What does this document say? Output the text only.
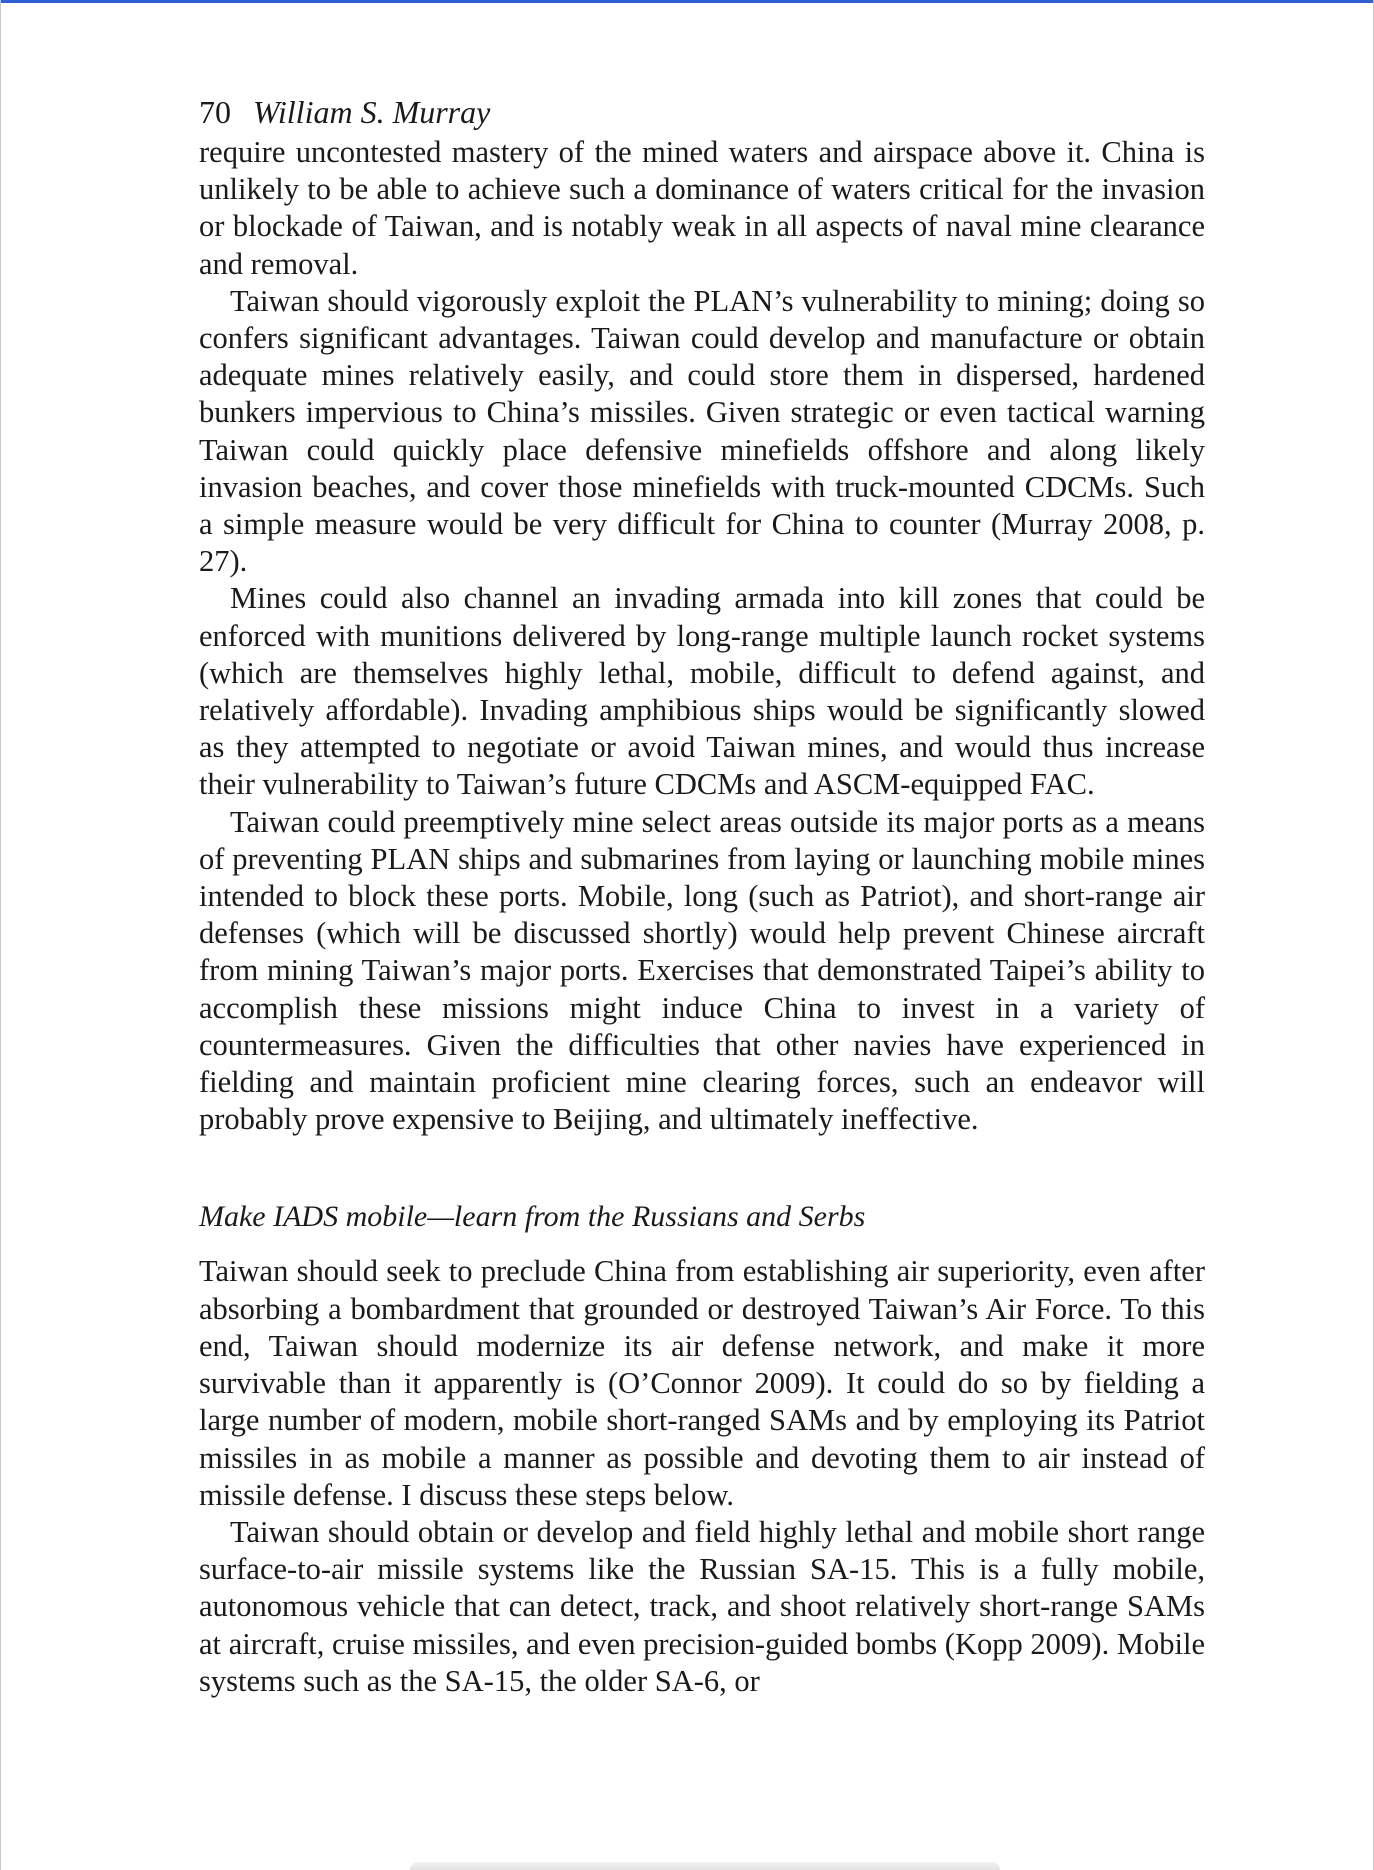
70 William S. Murray

require uncontested mastery of the mined waters and airspace above it. China is unlikely to be able to achieve such a dominance of waters critical for the invasion or blockade of Taiwan, and is notably weak in all aspects of naval mine clearance and removal.

Taiwan should vigorously exploit the PLAN’s vulnerability to mining; doing so confers significant advantages. Taiwan could develop and manufacture or obtain adequate mines relatively easily, and could store them in dispersed, hardened bunkers impervious to China’s missiles. Given strategic or even tactical warning Taiwan could quickly place defensive minefields offshore and along likely invasion beaches, and cover those minefields with truck-mounted CDCMs. Such a simple measure would be very difficult for China to counter (Murray 2008, p. 27).

Mines could also channel an invading armada into kill zones that could be enforced with munitions delivered by long-range multiple launch rocket systems (which are themselves highly lethal, mobile, difficult to defend against, and relatively affordable). Invading amphibious ships would be significantly slowed as they attempted to negotiate or avoid Taiwan mines, and would thus increase their vulnerability to Taiwan’s future CDCMs and ASCM-equipped FAC.

Taiwan could preemptively mine select areas outside its major ports as a means of preventing PLAN ships and submarines from laying or launching mobile mines intended to block these ports. Mobile, long (such as Patriot), and short-range air defenses (which will be discussed shortly) would help prevent Chinese aircraft from mining Taiwan’s major ports. Exercises that demonstrated Taipei’s ability to accomplish these missions might induce China to invest in a variety of countermeasures. Given the difficulties that other navies have experienced in fielding and maintain proficient mine clearing forces, such an endeavor will probably prove expensive to Beijing, and ultimately ineffective.

Make IADS mobile—learn from the Russians and Serbs

Taiwan should seek to preclude China from establishing air superiority, even after absorbing a bombardment that grounded or destroyed Taiwan’s Air Force. To this end, Taiwan should modernize its air defense network, and make it more survivable than it apparently is (O’Connor 2009). It could do so by fielding a large number of modern, mobile short-ranged SAMs and by employing its Patriot missiles in as mobile a manner as possible and devoting them to air instead of missile defense. I discuss these steps below.

Taiwan should obtain or develop and field highly lethal and mobile short range surface-to-air missile systems like the Russian SA-15. This is a fully mobile, autonomous vehicle that can detect, track, and shoot relatively short-range SAMs at aircraft, cruise missiles, and even precision-guided bombs (Kopp 2009). Mobile systems such as the SA-15, the older SA-6, or
